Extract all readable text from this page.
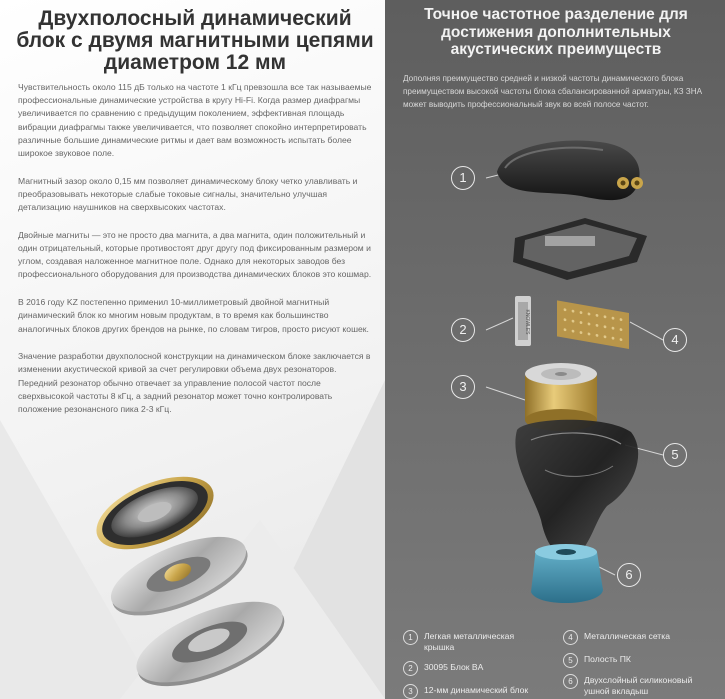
Двухполосный динамический блок с двумя магнитными цепями диаметром 12 мм

Чувствительность около 115 дБ только на частоте 1 кГц превзошла все так называемые профессиональные динамические устройства в кругу Hi-Fi. Когда размер диафрагмы увеличивается по сравнению с предыдущим поколением, эффективная площадь вибрации диафрагмы также увеличивается, что позволяет спокойно интерпретировать различные большие динамические ритмы и дает вам возможность испытать более широкое звуковое поле.

Магнитный зазор около 0,15 мм позволяет динамическому блоку четко улавливать и преобразовывать некоторые слабые токовые сигналы, значительно улучшая детализацию наушников на сверхвысоких частотах.

Двойные магниты — это не просто два магнита, а два магнита, один положительный и один отрицательный, которые противостоят друг другу под фиксированным размером и углом, создавая наложенное магнитное поле. Однако для некоторых заводов без профессионального оборудования для производства динамических блоков это кошмар.

В 2016 году KZ постепенно применил 10-миллиметровый двойной магнитный динамический блок ко многим новым продуктам, в то время как большинство аналогичных блоков других брендов на рынке, по словам тигров, просто рисуют кошек.

Значение разработки двухполосной конструкции на динамическом блоке заключается в изменении акустической кривой за счет регулировки объема двух резонаторов. Передний резонатор обычно отвечает за управление полосой частот после сверхвысокой частоты 8 кГц, а задний резонатор может точно контролировать положение резонансного пика 2-3 кГц.

Точное частотное разделение для достижения дополнительных акустических преимуществ

Дополняя преимущество средней и низкой частоты динамического блока преимуществом высокой частоты блока сбалансированной арматуры, КЗ ЗНА может выводить профессиональный звук во всей полосе частот.

KNOWLES
1
2
3
4
5
6
1	Легкая металлическая крышка
2	30095 Блок BA
3	12-мм динамический блок
4	Металлическая сетка
5	Полость ПК
6	Двухслойный силиконовый ушной вкладыш
